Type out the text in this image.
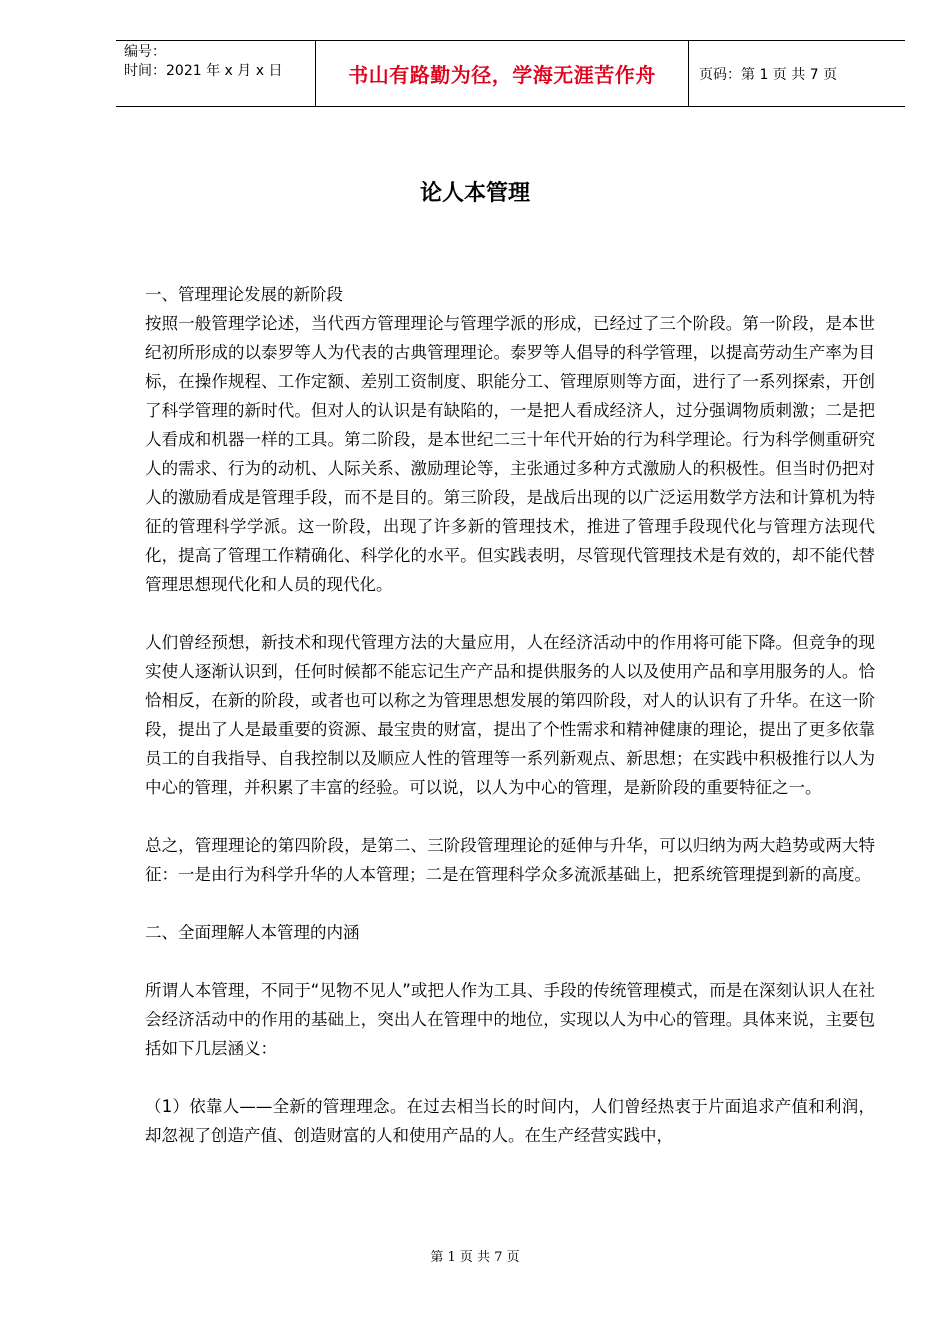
编号：
时间：2021 年 x 月 x 日	书山有路勤为径，学海无涯苦作舟	页码：第 1 页 共 7 页
论人本管理

一、管理理论发展的新阶段

按照一般管理学论述，当代西方管理理论与管理学派的形成，已经过了三个阶段。第一阶段，是本世纪初所形成的以泰罗等人为代表的古典管理理论。泰罗等人倡导的科学管理，以提高劳动生产率为目标，在操作规程、工作定额、差别工资制度、职能分工、管理原则等方面，进行了一系列探索，开创了科学管理的新时代。但对人的认识是有缺陷的，一是把人看成经济人，过分强调物质刺激；二是把人看成和机器一样的工具。第二阶段，是本世纪二三十年代开始的行为科学理论。行为科学侧重研究人的需求、行为的动机、人际关系、激励理论等，主张通过多种方式激励人的积极性。但当时仍把对人的激励看成是管理手段，而不是目的。第三阶段，是战后出现的以广泛运用数学方法和计算机为特征的管理科学学派。这一阶段，出现了许多新的管理技术，推进了管理手段现代化与管理方法现代化，提高了管理工作精确化、科学化的水平。但实践表明，尽管现代管理技术是有效的，却不能代替管理思想现代化和人员的现代化。

人们曾经预想，新技术和现代管理方法的大量应用，人在经济活动中的作用将可能下降。但竞争的现实使人逐渐认识到，任何时候都不能忘记生产产品和提供服务的人以及使用产品和享用服务的人。恰恰相反，在新的阶段，或者也可以称之为管理思想发展的第四阶段，对人的认识有了升华。在这一阶段，提出了人是最重要的资源、最宝贵的财富，提出了个性需求和精神健康的理论，提出了更多依靠员工的自我指导、自我控制以及顺应人性的管理等一系列新观点、新思想；在实践中积极推行以人为中心的管理，并积累了丰富的经验。可以说，以人为中心的管理，是新阶段的重要特征之一。

总之，管理理论的第四阶段，是第二、三阶段管理理论的延伸与升华，可以归纳为两大趋势或两大特征：一是由行为科学升华的人本管理；二是在管理科学众多流派基础上，把系统管理提到新的高度。

二、全面理解人本管理的内涵

所谓人本管理，不同于“见物不见人”或把人作为工具、手段的传统管理模式，而是在深刻认识人在社会经济活动中的作用的基础上，突出人在管理中的地位，实现以人为中心的管理。具体来说，主要包括如下几层涵义：

（1）依靠人——全新的管理理念。在过去相当长的时间内，人们曾经热衷于片面追求产值和利润，却忽视了创造产值、创造财富的人和使用产品的人。在生产经营实践中，

第 1 页 共 7 页
